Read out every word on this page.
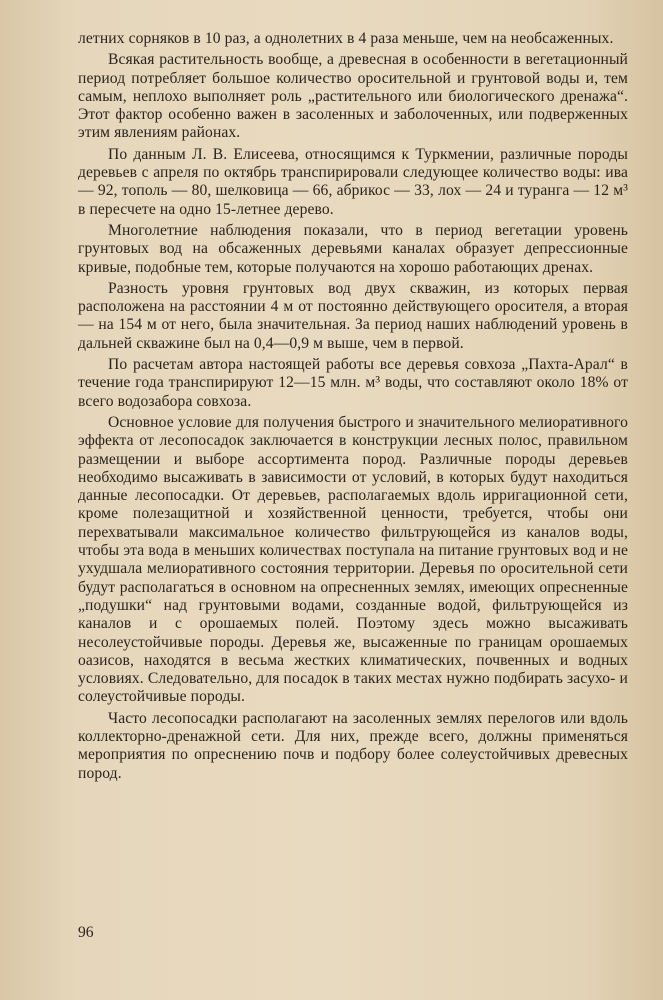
летних сорняков в 10 раз, а однолетних в 4 раза меньше, чем на необсаженных.

Всякая растительность вообще, а древесная в особенности в вегетационный период потребляет большое количество оросительной и грунтовой воды и, тем самым, неплохо выполняет роль „растительного или биологического дренажа“. Этот фактор особенно важен в засоленных и заболоченных, или подверженных этим явлениям районах.

По данным Л. В. Елисеева, относящимся к Туркмении, различные породы деревьев с апреля по октябрь транспирировали следующее количество воды: ива — 92, тополь — 80, шелковица — 66, абрикос — 33, лох — 24 и туранга — 12 м³ в пересчете на одно 15-летнее дерево.

Многолетние наблюдения показали, что в период вегетации уровень грунтовых вод на обсаженных деревьями каналах образует депрессионные кривые, подобные тем, которые получаются на хорошо работающих дренах.

Разность уровня грунтовых вод двух скважин, из которых первая расположена на расстоянии 4 м от постоянно действующего оросителя, а вторая — на 154 м от него, была значительная. За период наших наблюдений уровень в дальней скважине был на 0,4—0,9 м выше, чем в первой.

По расчетам автора настоящей работы все деревья совхоза „Пахта-Арал“ в течение года транспирируют 12—15 млн. м³ воды, что составляют около 18% от всего водозабора совхоза.

Основное условие для получения быстрого и значительного мелиоративного эффекта от лесопосадок заключается в конструкции лесных полос, правильном размещении и выборе ассортимента пород. Различные породы деревьев необходимо высаживать в зависимости от условий, в которых будут находиться данные лесопосадки. От деревьев, располагаемых вдоль ирригационной сети, кроме полезащитной и хозяйственной ценности, требуется, чтобы они перехватывали максимальное количество фильтрующейся из каналов воды, чтобы эта вода в меньших количествах поступала на питание грунтовых вод и не ухудшала мелиоративного состояния территории. Деревья по оросительной сети будут располагаться в основном на опресненных землях, имеющих опресненные „подушки“ над грунтовыми водами, созданные водой, фильтрующейся из каналов и с орошаемых полей. Поэтому здесь можно высаживать несолеустойчивые породы. Деревья же, высаженные по границам орошаемых оазисов, находятся в весьма жестких климатических, почвенных и водных условиях. Следовательно, для посадок в таких местах нужно подбирать засухо- и солеустойчивые породы.

Часто лесопосадки располагают на засоленных землях перелогов или вдоль коллекторно-дренажной сети. Для них, прежде всего, должны применяться мероприятия по опреснению почв и подбору более солеустойчивых древесных пород.

96
